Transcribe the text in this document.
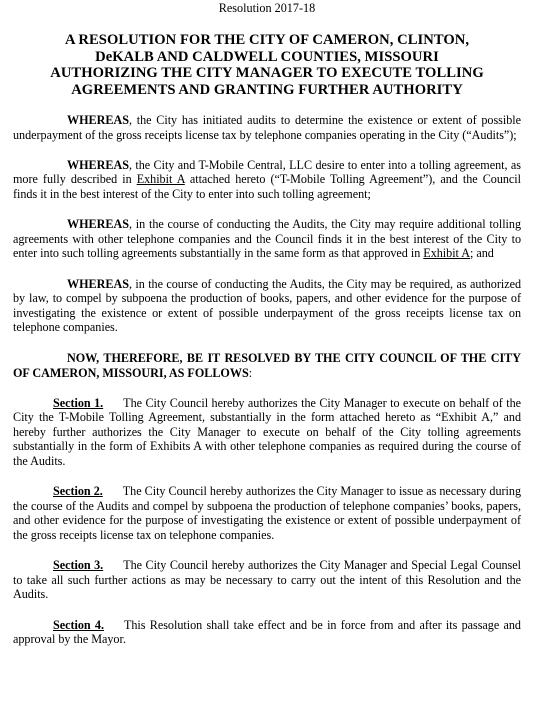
Resolution 2017-18
A RESOLUTION FOR THE CITY OF CAMERON, CLINTON,
DeKALB AND CALDWELL COUNTIES, MISSOURI
AUTHORIZING THE CITY MANAGER TO EXECUTE TOLLING
AGREEMENTS AND GRANTING FURTHER AUTHORITY

WHEREAS, the City has initiated audits to determine the existence or extent of possible underpayment of the gross receipts license tax by telephone companies operating in the City (“Audits”);

WHEREAS, the City and T-Mobile Central, LLC desire to enter into a tolling agreement, as more fully described in Exhibit A attached hereto (“T-Mobile Tolling Agreement”), and the Council finds it in the best interest of the City to enter into such tolling agreement;

WHEREAS, in the course of conducting the Audits, the City may require additional tolling agreements with other telephone companies and the Council finds it in the best interest of the City to enter into such tolling agreements substantially in the same form as that approved in Exhibit A; and

WHEREAS, in the course of conducting the Audits, the City may be required, as authorized by law, to compel by subpoena the production of books, papers, and other evidence for the purpose of investigating the existence or extent of possible underpayment of the gross receipts license tax on telephone companies.

NOW, THEREFORE, BE IT RESOLVED BY THE CITY COUNCIL OF THE CITY OF CAMERON, MISSOURI, AS FOLLOWS:

Section 1. The City Council hereby authorizes the City Manager to execute on behalf of the City the T-Mobile Tolling Agreement, substantially in the form attached hereto as “Exhibit A,” and hereby further authorizes the City Manager to execute on behalf of the City tolling agreements substantially in the form of Exhibits A with other telephone companies as required during the course of the Audits.

Section 2. The City Council hereby authorizes the City Manager to issue as necessary during the course of the Audits and compel by subpoena the production of telephone companies’ books, papers, and other evidence for the purpose of investigating the existence or extent of possible underpayment of the gross receipts license tax on telephone companies.

Section 3. The City Council hereby authorizes the City Manager and Special Legal Counsel to take all such further actions as may be necessary to carry out the intent of this Resolution and the Audits.

Section 4. This Resolution shall take effect and be in force from and after its passage and approval by the Mayor.
